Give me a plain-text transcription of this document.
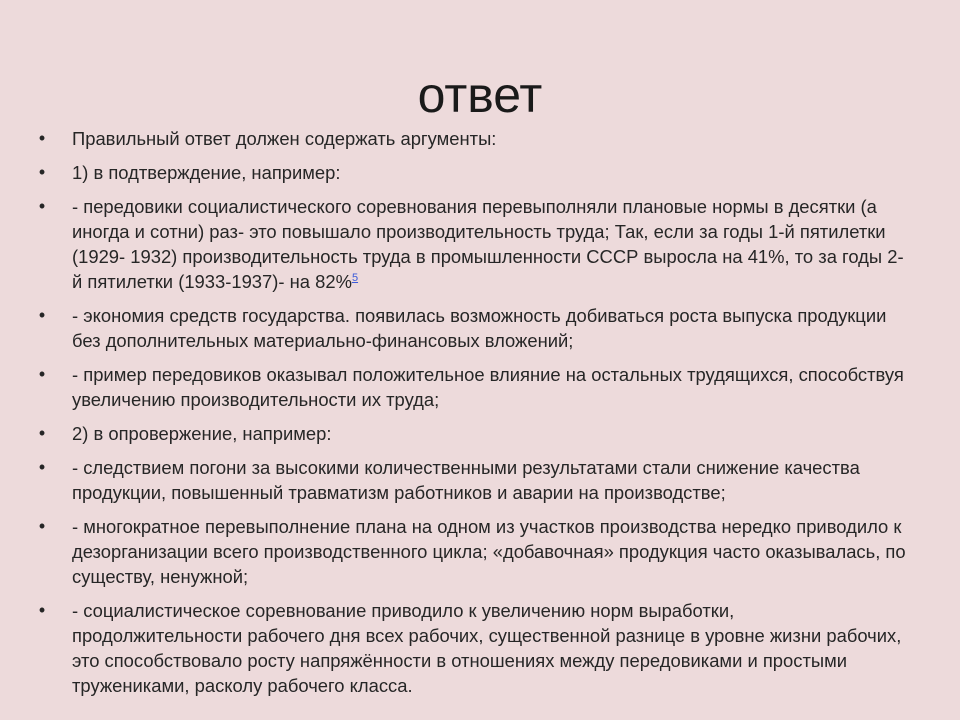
ответ
• Правильный ответ должен содержать аргументы:
• 1) в подтверждение, например:
• - передовики социалистического соревнования перевыполняли плановые нормы в десятки (а иногда и сотни) раз- это повышало производительность труда; Так, если за годы 1-й пятилетки (1929- 1932) производительность труда в промышленности СССР выросла на 41%, то за годы 2-й пятилетки (1933-1937)- на 82%$^5$
• - экономия средств государства. появилась возможность добиваться роста выпуска продукции без дополнительных материально-финансовых вложений;
• - пример передовиков оказывал положительное влияние на остальных трудящихся, способствуя увеличению производительности их труда;
• 2) в опровержение, например:
• - следствием погони за высокими количественными результатами стали снижение качества продукции, повышенный травматизм работников и аварии на производстве;
• - многократное перевыполнение плана на одном из участков производства нередко приводило к дезорганизации всего производственного цикла; «добавочная» продукция часто оказывалась, по существу, ненужной;
• - социалистическое соревнование приводило к увеличению норм выработки, продолжительности рабочего дня всех рабочих, существенной разнице в уровне жизни рабочих, это способствовало росту напряжённости в отношениях между передовиками и простыми тружениками, расколу рабочего класса.
